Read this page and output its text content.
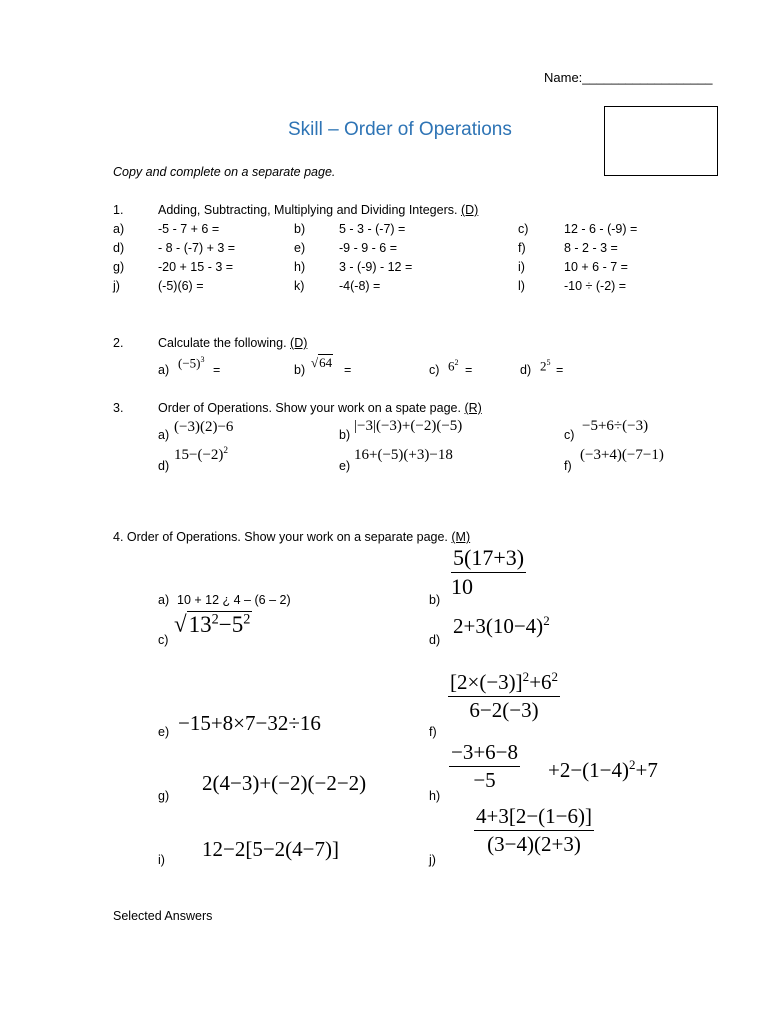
Name:__________________
Skill – Order of Operations
Copy and complete on a separate page.
1.	Adding, Subtracting, Multiplying and Dividing Integers. (D)
a)	-5 - 7 + 6 =	b)	5 - 3 - (-7) =	c)	12 - 6 - (-9) =
d)	- 8 - (-7) + 3 =	e)	-9 - 9 - 6 =	f)	8 - 2 - 3 =
g)	-20 + 15 - 3 =	h)	3 - (-9) - 12 =	i)	10 + 6 - 7 =
j)	(-5)(6) =	k)	-4(-8) =	l)	-10 ÷ (-2) =
2.	Calculate the following. (D)
a) $(-5)^3$
=	b) √64 =	c) $6^2$
=	d) $2^5$
=
3.	Order of Operations. Show your work on a spate page. (R)
a) (−3)(2)−6	b)
|−3|(−3)+(−2)(−5)
c)
−5+6÷(−3)
d)
$15-(-2)^2$
e)
16+(−5)(+3)−18
f)
(−3+4)(−7−1)
4. Order of Operations. Show your work on a separate page. (M)
a) 10 + 12 ¿ 4 – (6 – 2)	b)
$\frac{5(17+3)}{10}$
c)
$√13^2-5^2$
d)
$2+3(10-4)^2$
e) −15+8×7−32÷16	f)
$\frac{[2\times(-3)]^2+6^2}{6-2(-3)}$
g)
2(4−3)+(−2)(−2−2)
h)
$\frac{-3+6-8}{-5} +2-(1-4)^2+7$
i) 12−2[5−2(4−7)]	j)
$\frac{4+3[2-(1-6)]}{(3-4)(2+3)}$
Selected Answers
